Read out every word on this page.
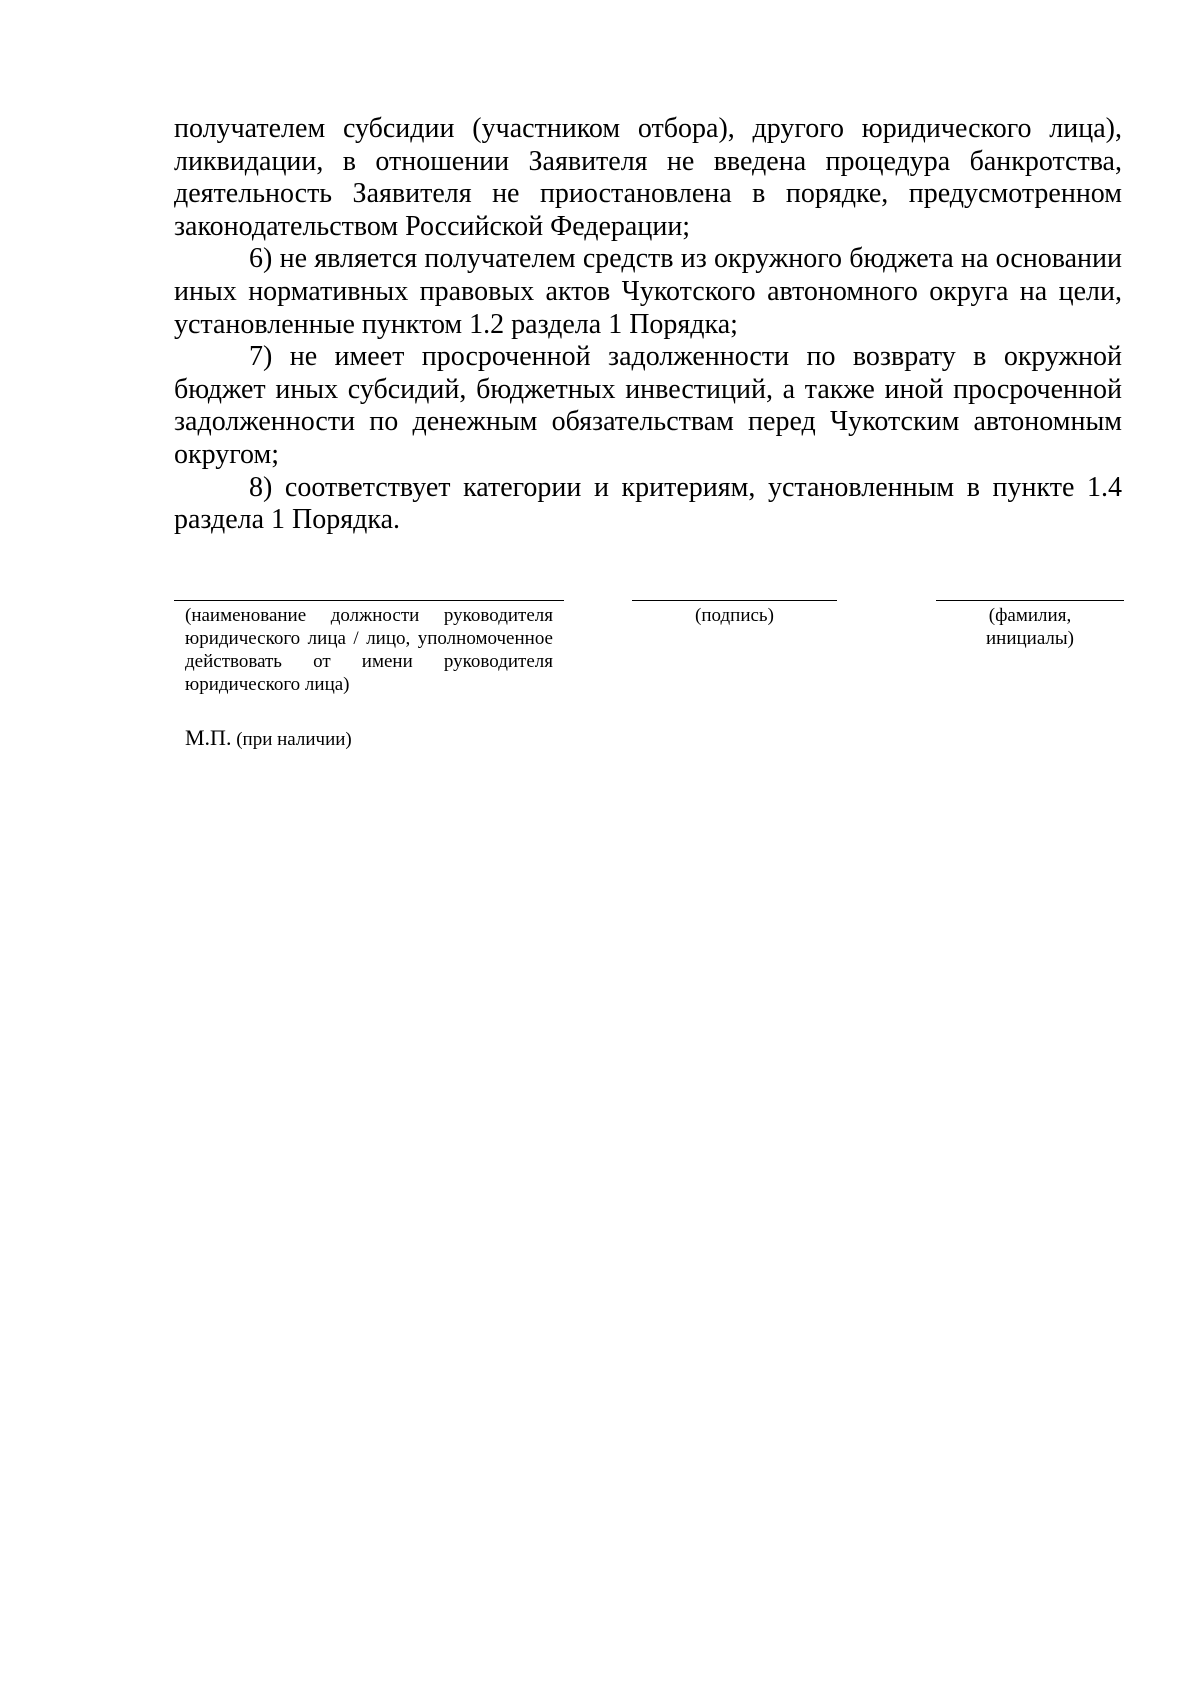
получателем субсидии (участником отбора), другого юридического лица), ликвидации, в отношении Заявителя не введена процедура банкротства, деятельность Заявителя не приостановлена в порядке, предусмотренном законодательством Российской Федерации;

6) не является получателем средств из окружного бюджета на основании иных нормативных правовых актов Чукотского автономного округа на цели, установленные пунктом 1.2 раздела 1 Порядка;

7) не имеет просроченной задолженности по возврату в окружной бюджет иных субсидий, бюджетных инвестиций, а также иной просроченной задолженности по денежным обязательствам перед Чукотским автономным округом;

8) соответствует категории и критериям, установленным в пункте 1.4 раздела 1 Порядка.

(наименование должности руководителя юридического лица / лицо, уполномоченное действовать от имени руководителя юридического лица)
(подпись)	(фамилия, инициалы)
М.П. (при наличии)
